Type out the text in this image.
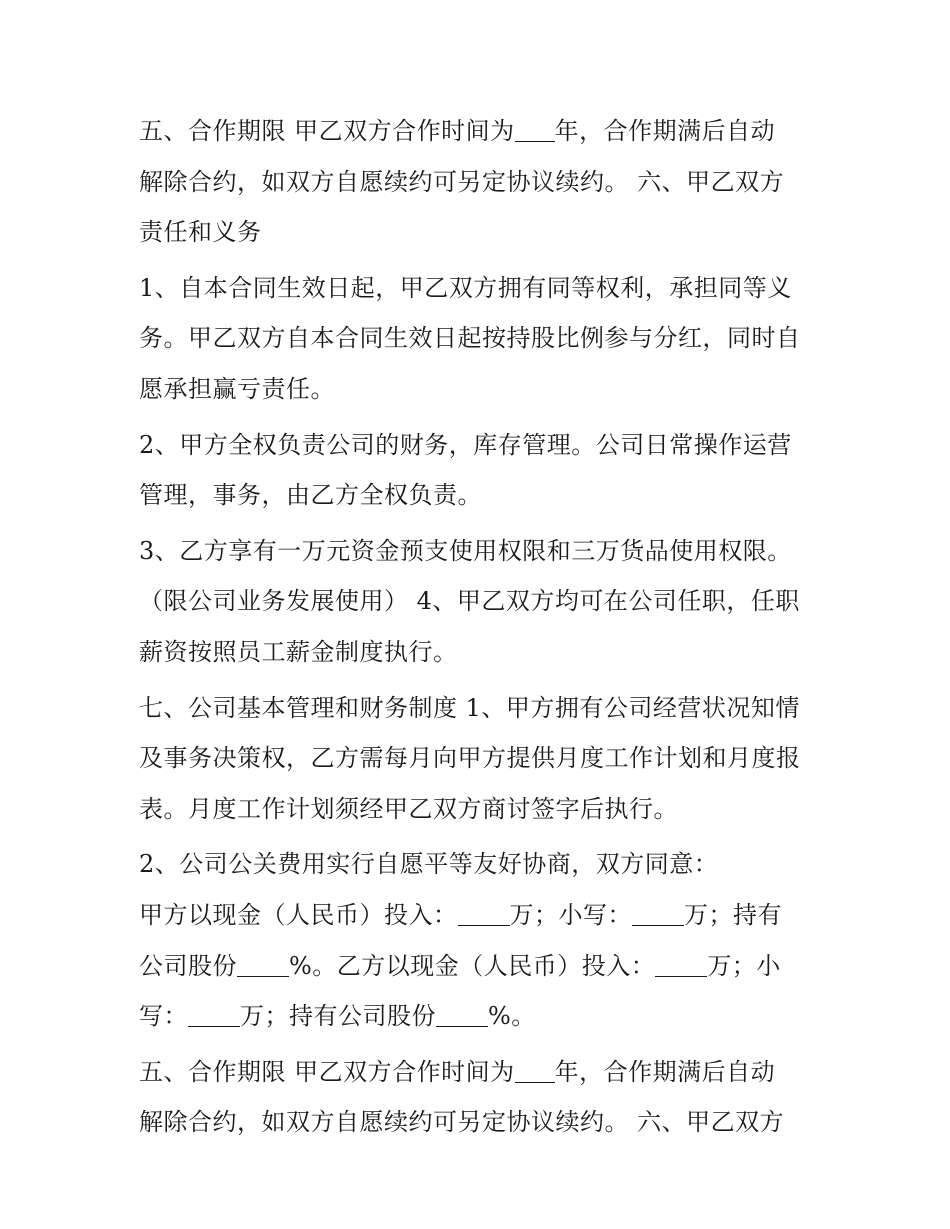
五、合作期限 甲乙双方合作时间为 年，合作期满后自动
解除合约，如双方自愿续约可另定协议续约。 六、甲乙双方
责任和义务
1、自本合同生效日起，甲乙双方拥有同等权利，承担同等义
务。甲乙双方自本合同生效日起按持股比例参与分红，同时自
愿承担赢亏责任。
2、甲方全权负责公司的财务，库存管理。公司日常操作运营
管理，事务，由乙方全权负责。
3、乙方享有一万元资金预支使用权限和三万货品使用权限。
（限公司业务发展使用） 4、甲乙双方均可在公司任职，任职
薪资按照员工薪金制度执行。
七、公司基本管理和财务制度 1、甲方拥有公司经营状况知情
及事务决策权，乙方需每月向甲方提供月度工作计划和月度报
表。月度工作计划须经甲乙双方商讨签字后执行。
2、公司公关费用实行自愿平等友好协商，双方同意：
甲方以现金（人民币）投入： 万；小写： 万；持有
公司股份 %。乙方以现金（人民币）投入： 万；小
写： 万；持有公司股份 %。
五、合作期限 甲乙双方合作时间为 年，合作期满后自动
解除合约，如双方自愿续约可另定协议续约。 六、甲乙双方
